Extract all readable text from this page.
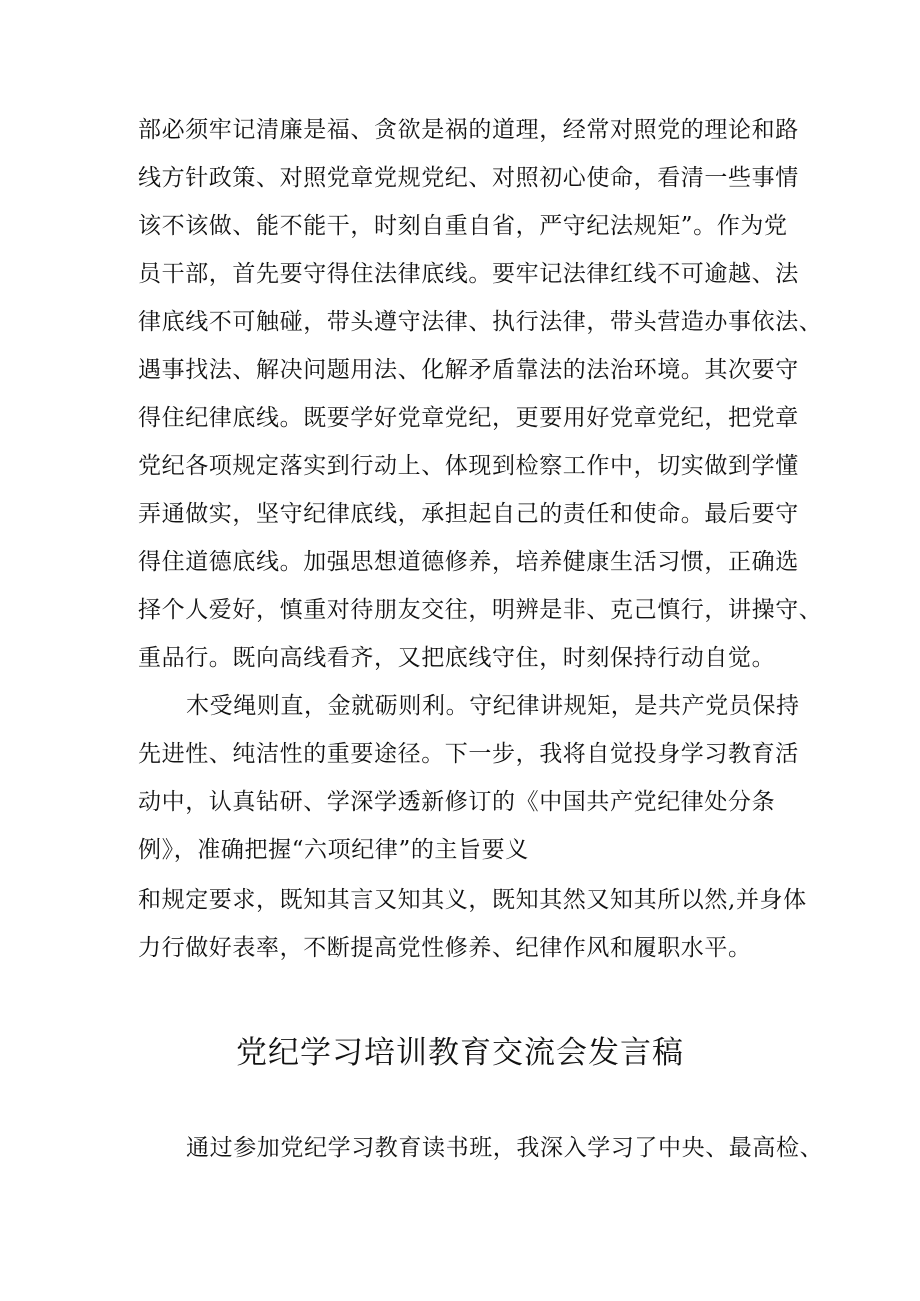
部必须牢记清廉是福、贪欲是祸的道理，经常对照党的理论和路
线方针政策、对照党章党规党纪、对照初心使命，看清一些事情
该不该做、能不能干，时刻自重自省，严守纪法规矩”。作为党
员干部，首先要守得住法律底线。要牢记法律红线不可逾越、法
律底线不可触碰，带头遵守法律、执行法律，带头营造办事依法、
遇事找法、解决问题用法、化解矛盾靠法的法治环境。其次要守
得住纪律底线。既要学好党章党纪，更要用好党章党纪，把党章
党纪各项规定落实到行动上、体现到检察工作中，切实做到学懂
弄通做实，坚守纪律底线，承担起自己的责任和使命。最后要守
得住道德底线。加强思想道德修养，培养健康生活习惯，正确选
择个人爱好，慎重对待朋友交往，明辨是非、克己慎行，讲操守、
重品行。既向高线看齐，又把底线守住，时刻保持行动自觉。
木受绳则直，金就砺则利。守纪律讲规矩，是共产党员保持
先进性、纯洁性的重要途径。下一步，我将自觉投身学习教育活
动中，认真钻研、学深学透新修订的《中国共产党纪律处分条
例》，准确把握“六项纪律”的主旨要义
和规定要求，既知其言又知其义，既知其然又知其所以然,并身体
力行做好表率，不断提高党性修养、纪律作风和履职水平。
党纪学习培训教育交流会发言稿
通过参加党纪学习教育读书班，我深入学习了中央、最高检、
